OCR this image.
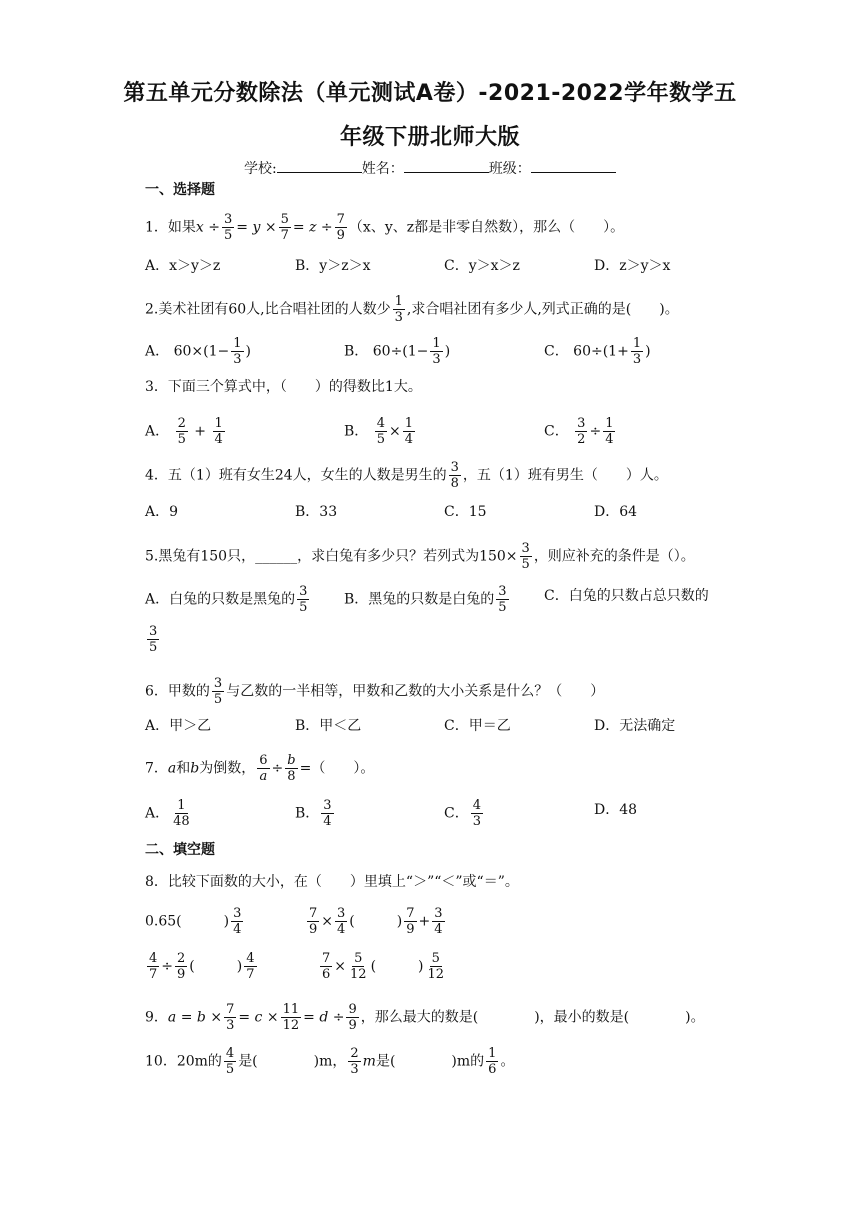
第五单元分数除法（单元测试A卷）-2021-2022学年数学五
年级下册北师大版
学校:	姓名：	班级：
一、选择题
1．如果$x \div \frac{3}{5} = y \times \frac{5}{7} = z \div \frac{7}{9} (x$、y、z都是非零自然数），那么（　　）。
A．x＞y＞z	B．y＞z＞x	C．y＞x＞z	D．z＞y＞x
2.美术社团有60人,比合唱社团的人数少 $\frac{1}{3}$ ,求合唱社团有多少人,列式正确的是(　　)。
A． $60\times(1- \frac{1}{3}$ )	B． $60\div(1- \frac{1}{3}$ )	C． $60\div(1+ \frac{1}{3}$ )
3．下面三个算式中，（　　）的得数比1大。
A． $\frac{2}{5} + \frac{1}{4}$	B． $\frac{4}{5} \times \frac{1}{4}$	C． $\frac{3}{2} \div \frac{1}{4}$
4．五（1）班有女生24人，女生的人数是男生的 $\frac{3}{8}$ ，五（1）班有男生（　　）人。
A．9	B．33	C．15	D．64
5.黑兔有150只，______，求白兔有多少只？若列式为$150\times \frac{3}{5}$ ，则应补充的条件是（）。
A．白兔的只数是黑兔的 $\frac{3}{5}$ B．黑兔的只数是白兔的 $\frac{3}{5}$	C．白兔的只数占总只数的
$\frac{3}{5}$
6．甲数的 $\frac{3}{5}$ 与乙数的一半相等，甲数和乙数的大小关系是什么？（　　）
A．甲＞乙	B．甲＜乙	C．甲＝乙	D．无法确定
7．a和b为倒数， $\frac{6}{a} \div \frac{b}{8}$ =（　　）。
A． $\frac{1}{48}$	B． $\frac{3}{4}$	C． $\frac{4}{3}$	D．48
二、填空题
8．比较下面数的大小，在（　　）里填上“＞”“＜”或“＝”。
0.65(　　　) $\frac{3}{4}$	$\frac{7}{9} \times \frac{3}{4}$ (　　　) $\frac{7}{9} + \frac{3}{4}$
$\frac{4}{7} \div \frac{2}{9}$ (　　　) $\frac{4}{7}$	$\frac{7}{6} \times \frac{5}{12}$ (　　　) $\frac{5}{12}$
9．$a = b \times \frac{7}{3} = c \times \frac{11}{12} = d \div \frac{9}{9}$ ，那么最大的数是(　　　　)，最小的数是(　　　　)。
10．20m的 $\frac{4}{5}$ 是(　　　　)m， $\frac{2}{3}$ m是(　　　　)m的 $\frac{1}{6}$ 。
